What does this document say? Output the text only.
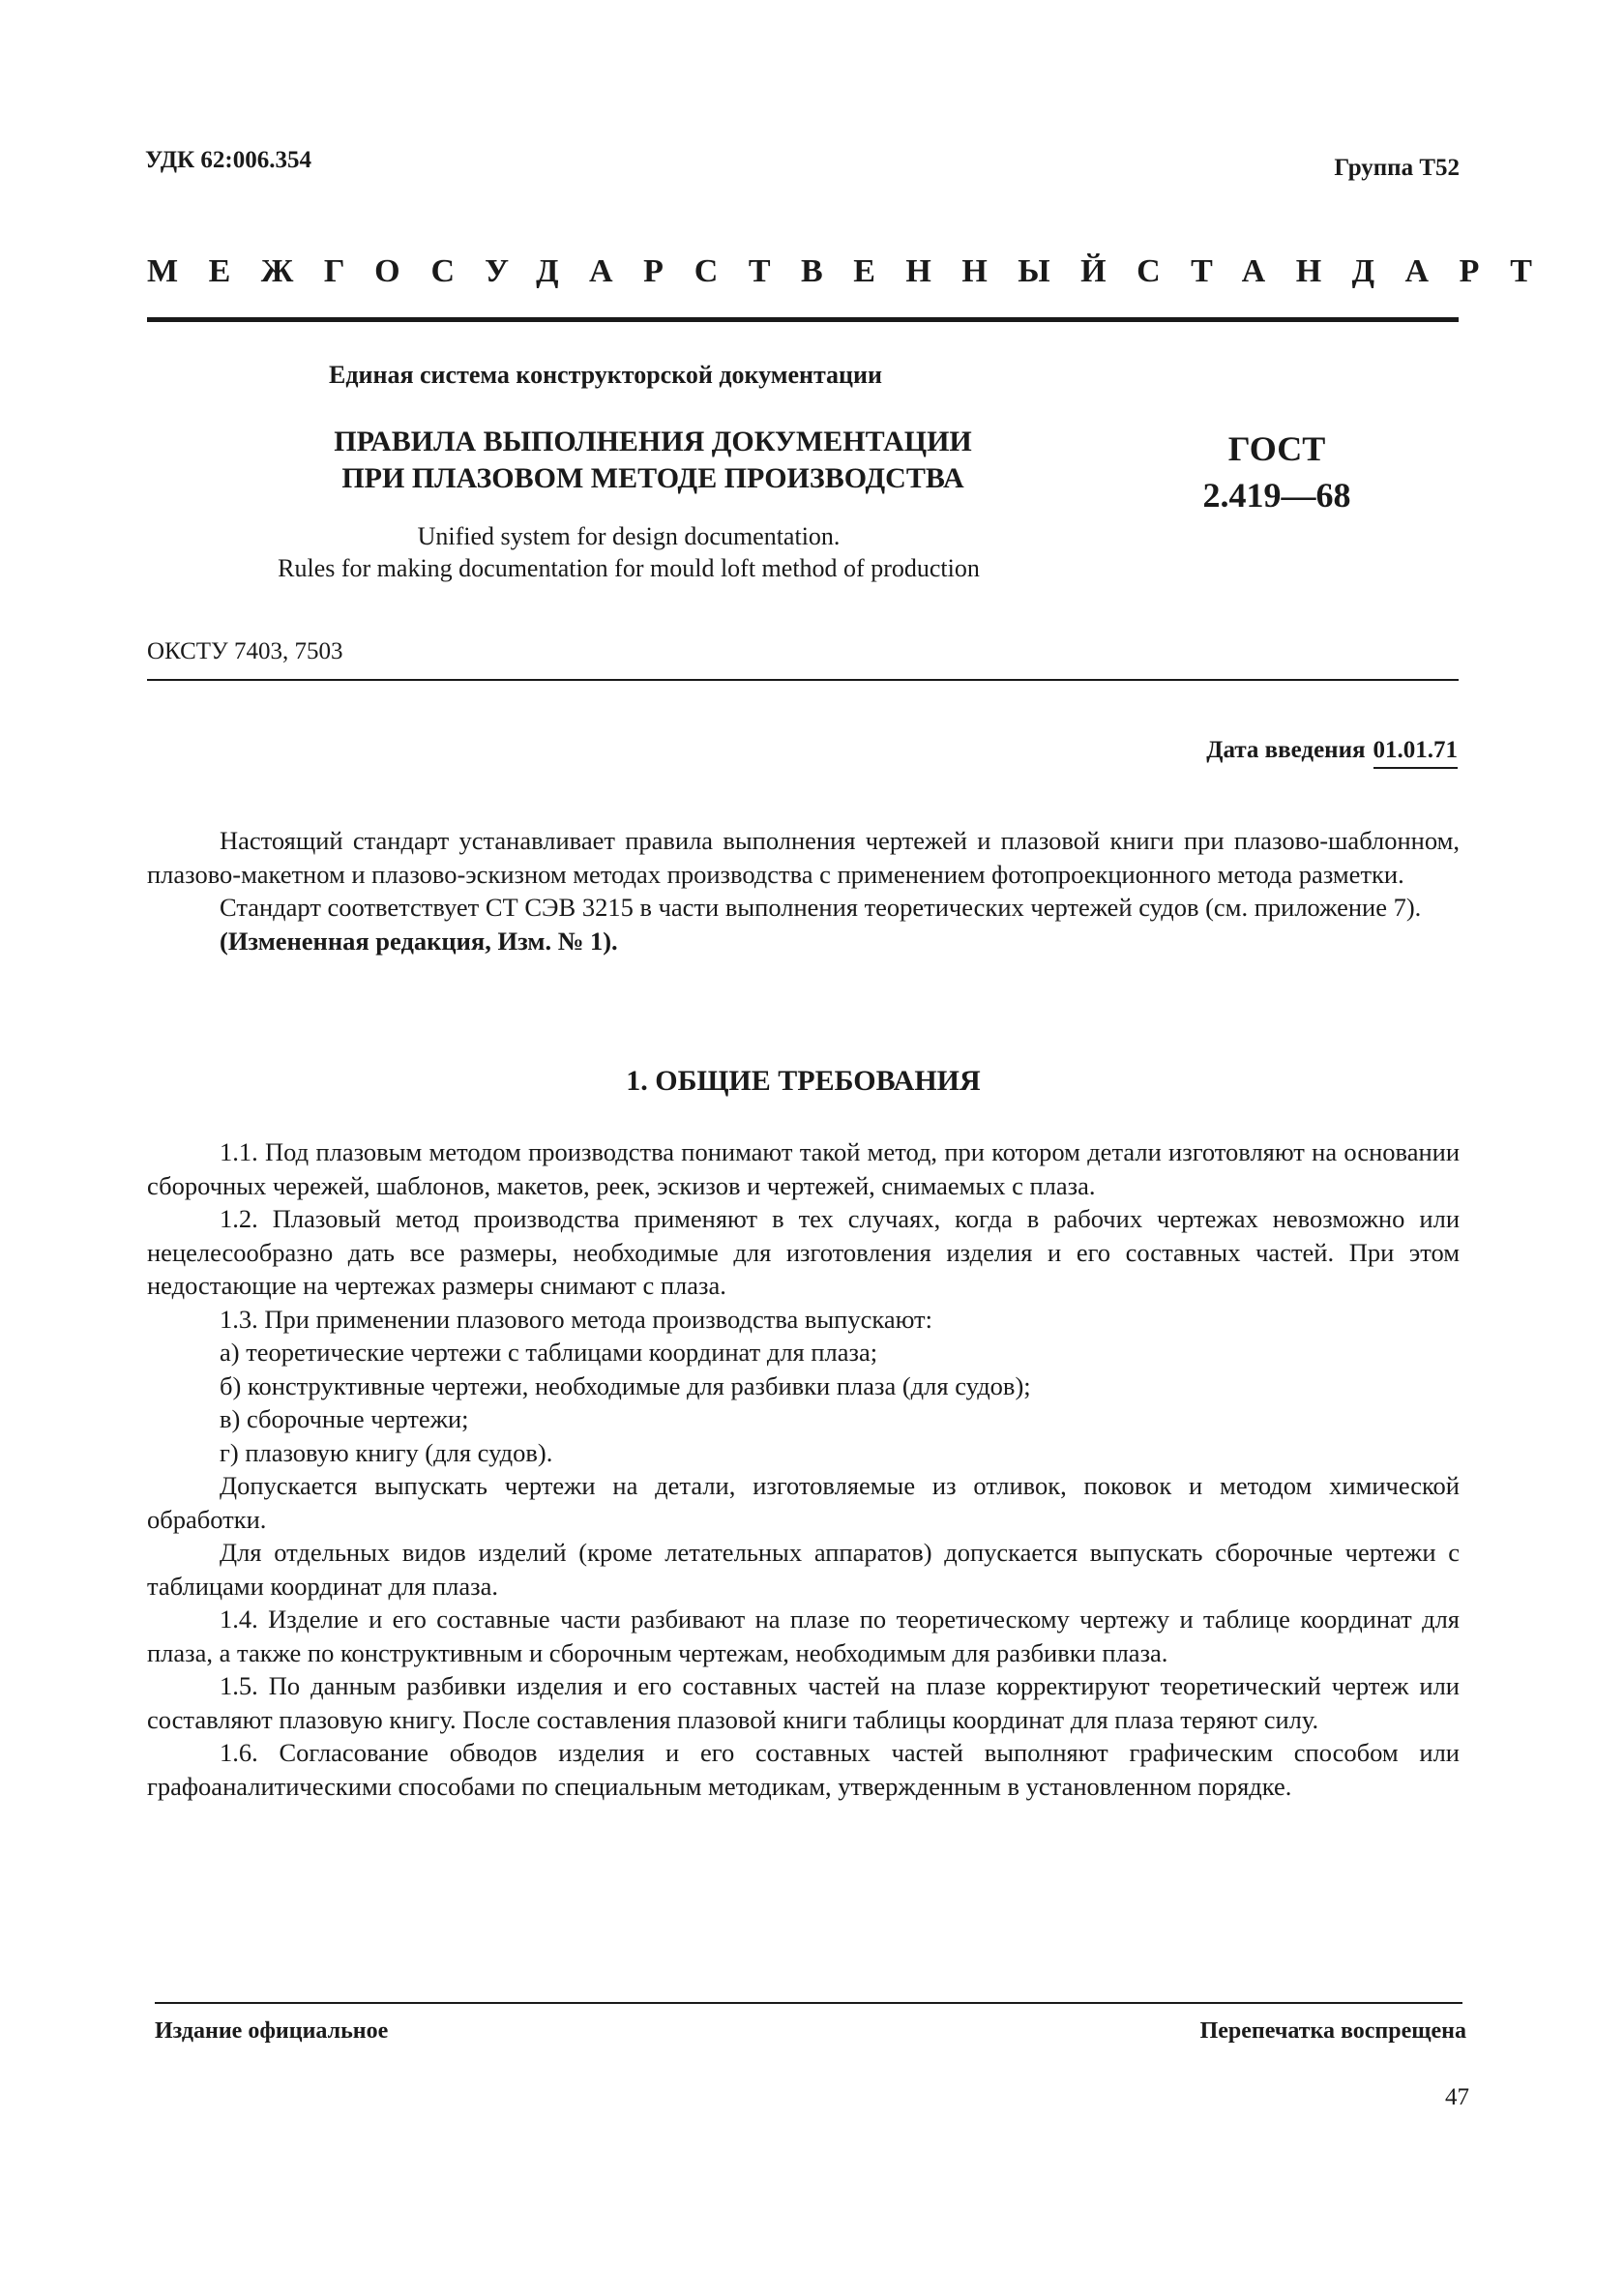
УДК 62:006.354	Группа Т52
МЕЖГОСУДАРСТВЕННЫЙ СТАНДАРТ
Единая система конструкторской документации
ПРАВИЛА ВЫПОЛНЕНИЯ ДОКУМЕНТАЦИИ
ПРИ ПЛАЗОВОМ МЕТОДЕ ПРОИЗВОДСТВА
ГОСТ
2.419—68
Unified system for design documentation.
Rules for making documentation for mould loft method of production
ОКСТУ 7403, 7503
Дата введения 01.01.71

Настоящий стандарт устанавливает правила выполнения чертежей и плазовой книги при плазово-шаблонном, плазово-макетном и плазово-эскизном методах производства с применением фотопроекционного метода разметки.

Стандарт соответствует СТ СЭВ 3215 в части выполнения теоретических чертежей судов (см. приложение 7).

(Измененная редакция, Изм. № 1).

1. ОБЩИЕ ТРЕБОВАНИЯ

1.1. Под плазовым методом производства понимают такой метод, при котором детали изготовляют на основании сборочных чережей, шаблонов, макетов, реек, эскизов и чертежей, снимаемых с плаза.

1.2. Плазовый метод производства применяют в тех случаях, когда в рабочих чертежах невозможно или нецелесообразно дать все размеры, необходимые для изготовления изделия и его составных частей. При этом недостающие на чертежах размеры снимают с плаза.

1.3. При применении плазового метода производства выпускают:

а) теоретические чертежи с таблицами координат для плаза;

б) конструктивные чертежи, необходимые для разбивки плаза (для судов);

в) сборочные чертежи;

г) плазовую книгу (для судов).

Допускается выпускать чертежи на детали, изготовляемые из отливок, поковок и методом химической обработки.

Для отдельных видов изделий (кроме летательных аппаратов) допускается выпускать сборочные чертежи с таблицами координат для плаза.

1.4. Изделие и его составные части разбивают на плазе по теоретическому чертежу и таблице координат для плаза, а также по конструктивным и сборочным чертежам, необходимым для разбивки плаза.

1.5. По данным разбивки изделия и его составных частей на плазе корректируют теоретический чертеж или составляют плазовую книгу. После составления плазовой книги таблицы координат для плаза теряют силу.

1.6. Согласование обводов изделия и его составных частей выполняют графическим способом или графоаналитическими способами по специальным методикам, утвержденным в установленном порядке.

Издание официальное	Перепечатка воспрещена
47
